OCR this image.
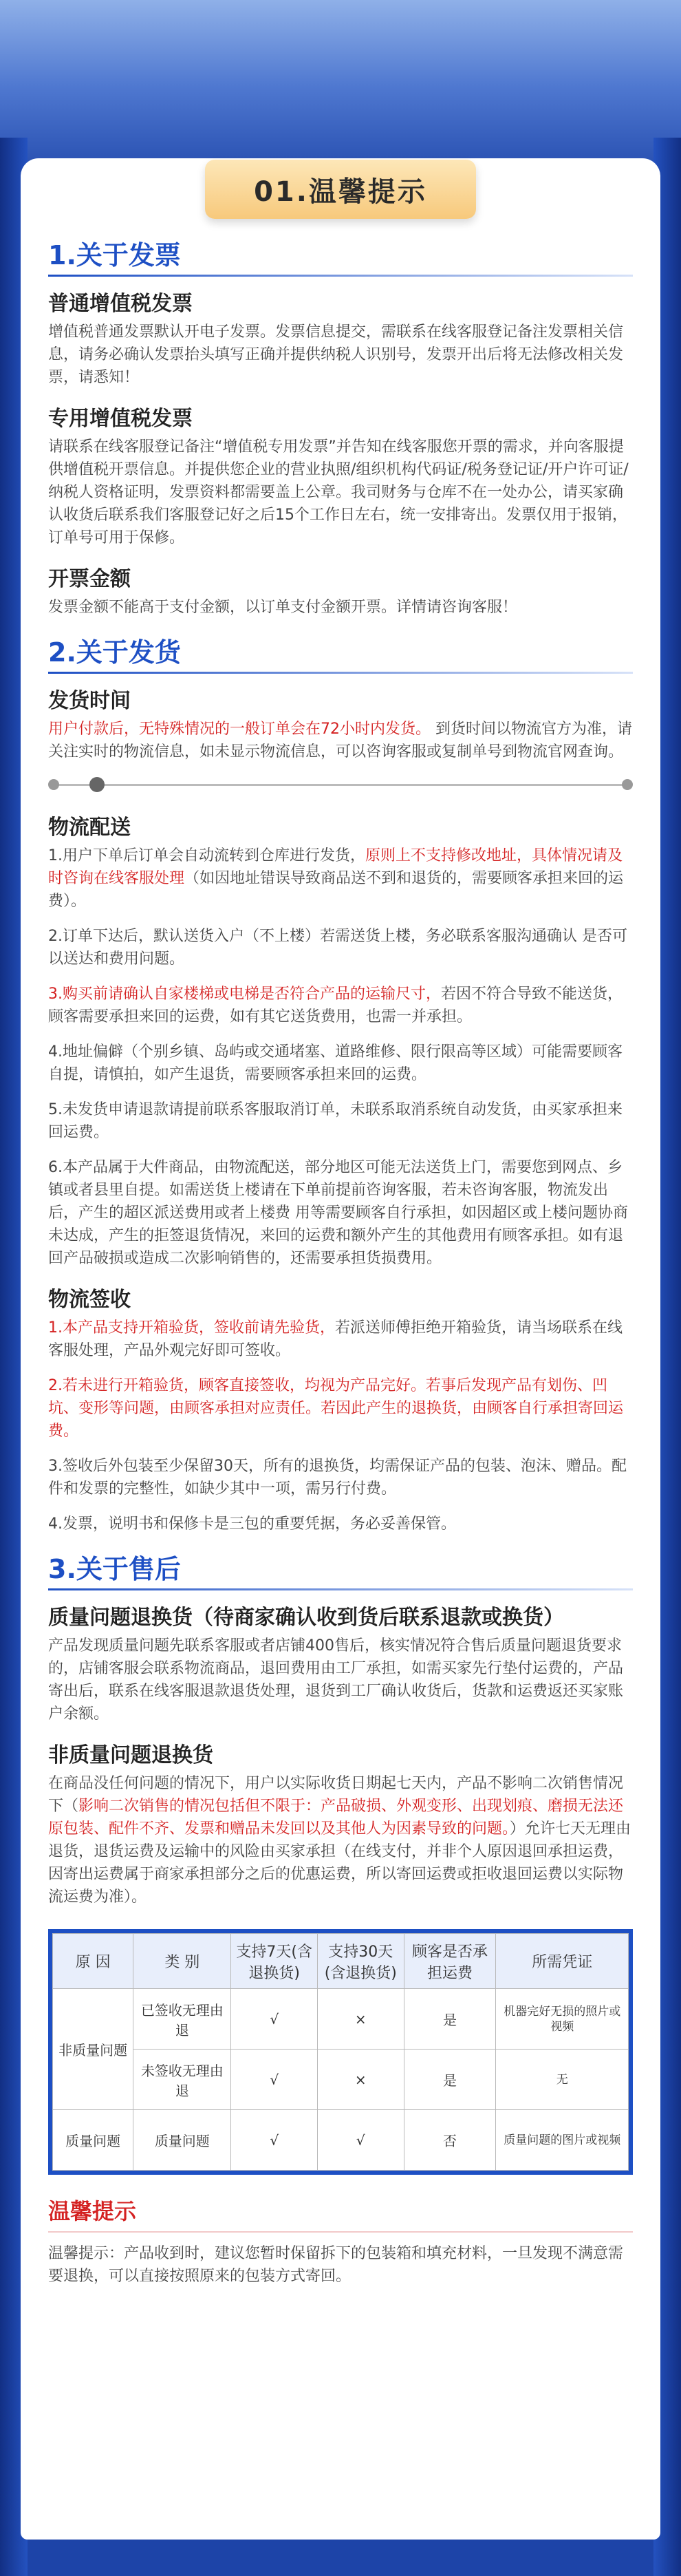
01.温馨提示
1.关于发票
普通增值税发票
增值税普通发票默认开电子发票。发票信息提交，需联系在线客服登记备注发票相关信息，请务必确认发票抬头填写正确并提供纳税人识别号，发票开出后将无法修改相关发票，请悉知！
专用增值税发票
请联系在线客服登记备注“增值税专用发票”并告知在线客服您开票的需求，并向客服提供增值税开票信息。并提供您企业的营业执照/组织机构代码证/税务登记证/开户许可证/纳税人资格证明，发票资料都需要盖上公章。我司财务与仓库不在一处办公，请买家确认收货后联系我们客服登记好之后15个工作日左右，统一安排寄出。发票仅用于报销，订单号可用于保修。
开票金额
发票金额不能高于支付金额，以订单支付金额开票。详情请咨询客服！
2.关于发货
发货时间
用户付款后，无特殊情况的一般订单会在72小时内发货。 到货时间以物流官方为准，请关注实时的物流信息，如未显示物流信息，可以咨询客服或复制单号到物流官网查询。
物流配送
1.用户下单后订单会自动流转到仓库进行发货，原则上不支持修改地址，具体情况请及时咨询在线客服处理（如因地址错误导致商品送不到和退货的，需要顾客承担来回的运费）。
2.订单下达后，默认送货入户（不上楼）若需送货上楼，务必联系客服沟通确认 是否可以送达和费用问题。
3.购买前请确认自家楼梯或电梯是否符合产品的运输尺寸，若因不符合导致不能送货，顾客需要承担来回的运费，如有其它送货费用，也需一并承担。
4.地址偏僻（个别乡镇、岛屿或交通堵塞、道路维修、限行限高等区域）可能需要顾客自提，请慎拍，如产生退货，需要顾客承担来回的运费。
5.未发货申请退款请提前联系客服取消订单，未联系取消系统自动发货，由买家承担来回运费。
6.本产品属于大件商品，由物流配送，部分地区可能无法送货上门，需要您到网点、乡镇或者县里自提。如需送货上楼请在下单前提前咨询客服，若未咨询客服，物流发出后，产生的超区派送费用或者上楼费 用等需要顾客自行承担，如因超区或上楼问题协商未达成，产生的拒签退货情况，来回的运费和额外产生的其他费用有顾客承担。如有退回产品破损或造成二次影响销售的，还需要承担货损费用。
物流签收
1.本产品支持开箱验货，签收前请先验货，若派送师傅拒绝开箱验货，请当场联系在线客服处理，产品外观完好即可签收。
2.若未进行开箱验货，顾客直接签收，均视为产品完好。若事后发现产品有划伤、凹坑、变形等问题，由顾客承担对应责任。若因此产生的退换货，由顾客自行承担寄回运费。
3.签收后外包装至少保留30天，所有的退换货，均需保证产品的包装、泡沫、赠品。配件和发票的完整性，如缺少其中一项，需另行付费。
4.发票，说明书和保修卡是三包的重要凭据，务必妥善保管。
3.关于售后
质量问题退换货（待商家确认收到货后联系退款或换货）
产品发现质量问题先联系客服或者店铺400售后，核实情况符合售后质量问题退货要求的，店铺客服会联系物流商品，退回费用由工厂承担，如需买家先行垫付运费的，产品寄出后，联系在线客服退款退货处理，退货到工厂确认收货后，货款和运费返还买家账户余额。
非质量问题退换货
在商品没任何问题的情况下，用户以实际收货日期起七天内，产品不影响二次销售情况下（影响二次销售的情况包括但不限于：产品破损、外观变形、出现划痕、磨损无法还原包装、配件不齐、发票和赠品未发回以及其他人为因素导致的问题。）允许七天无理由退货，退货运费及运输中的风险由买家承担（在线支付，并非个人原因退回承担运费，因寄出运费属于商家承担部分之后的优惠运费，所以寄回运费或拒收退回运费以实际物流运费为准）。
原 因	类 别	支持7天(含退换货)	支持30天(含退换货)	顾客是否承担运费	所需凭证
非质量问题	已签收无理由退	√	×	是	机器完好无损的照片或视频
	未签收无理由退	√	×	是	无
质量问题	质量问题	√	√	否	质量问题的图片或视频
温馨提示
温馨提示：产品收到时，建议您暂时保留拆下的包装箱和填充材料，一旦发现不满意需要退换，可以直接按照原来的包装方式寄回。
